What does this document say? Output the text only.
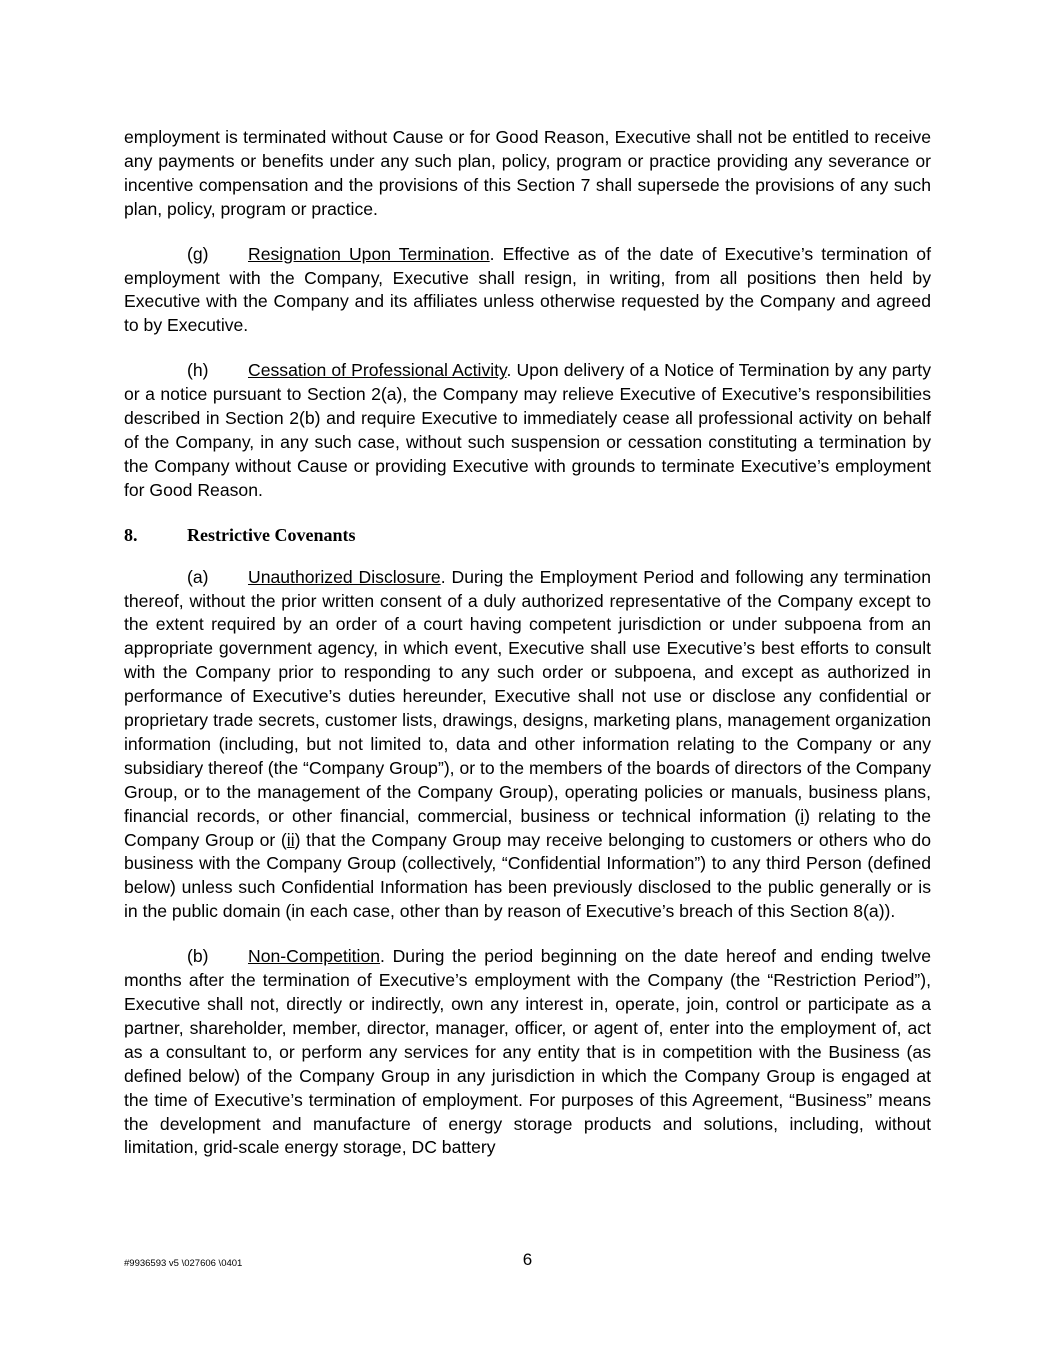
employment is terminated without Cause or for Good Reason, Executive shall not be entitled to receive any payments or benefits under any such plan, policy, program or practice providing any severance or incentive compensation and the provisions of this Section 7 shall supersede the provisions of any such plan, policy, program or practice.

(g) Resignation Upon Termination. Effective as of the date of Executive’s termination of employment with the Company, Executive shall resign, in writing, from all positions then held by Executive with the Company and its affiliates unless otherwise requested by the Company and agreed to by Executive.

(h) Cessation of Professional Activity. Upon delivery of a Notice of Termination by any party or a notice pursuant to Section 2(a), the Company may relieve Executive of Executive’s responsibilities described in Section 2(b) and require Executive to immediately cease all professional activity on behalf of the Company, in any such case, without such suspension or cessation constituting a termination by the Company without Cause or providing Executive with grounds to terminate Executive’s employment for Good Reason.

8.	Restrictive Covenants

(a) Unauthorized Disclosure. During the Employment Period and following any termination thereof, without the prior written consent of a duly authorized representative of the Company except to the extent required by an order of a court having competent jurisdiction or under subpoena from an appropriate government agency, in which event, Executive shall use Executive’s best efforts to consult with the Company prior to responding to any such order or subpoena, and except as authorized in performance of Executive’s duties hereunder, Executive shall not use or disclose any confidential or proprietary trade secrets, customer lists, drawings, designs, marketing plans, management organization information (including, but not limited to, data and other information relating to the Company or any subsidiary thereof (the “Company Group”), or to the members of the boards of directors of the Company Group, or to the management of the Company Group), operating policies or manuals, business plans, financial records, or other financial, commercial, business or technical information (i) relating to the Company Group or (ii) that the Company Group may receive belonging to customers or others who do business with the Company Group (collectively, “Confidential Information”) to any third Person (defined below) unless such Confidential Information has been previously disclosed to the public generally or is in the public domain (in each case, other than by reason of Executive’s breach of this Section 8(a)).

(b) Non-Competition. During the period beginning on the date hereof and ending twelve months after the termination of Executive’s employment with the Company (the “Restriction Period”), Executive shall not, directly or indirectly, own any interest in, operate, join, control or participate as a partner, shareholder, member, director, manager, officer, or agent of, enter into the employment of, act as a consultant to, or perform any services for any entity that is in competition with the Business (as defined below) of the Company Group in any jurisdiction in which the Company Group is engaged at the time of Executive’s termination of employment. For purposes of this Agreement, “Business” means the development and manufacture of energy storage products and solutions, including, without limitation, grid-scale energy storage, DC battery

#9936593 v5 \027606 \0401	6
